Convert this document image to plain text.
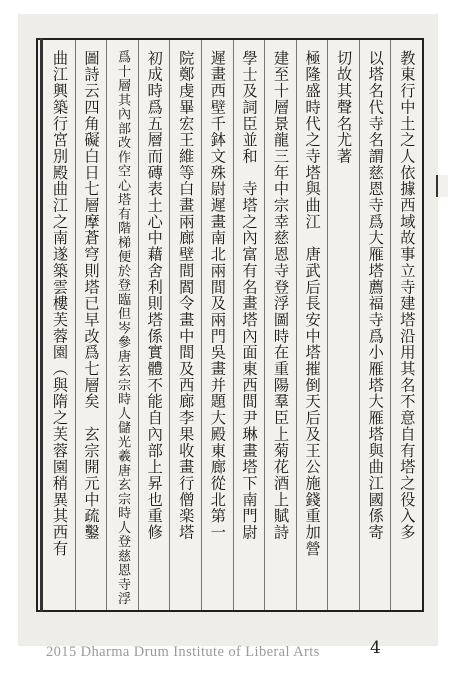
教東行中土之人依據西域故事立寺建塔沿用其名不意自有塔之役入多
以塔名代寺名謂慈恩寺爲大雁塔薦福寺爲小雁塔大雁塔與曲江國係寄
切故其聲名尤著
極隆盛時代之寺塔與曲江　唐武后長安中塔摧倒天后及王公施錢重加營
建至十層景龍三年中宗幸慈恩寺登浮圖時在重陽羣臣上菊花酒上賦詩
學士及詞臣並和　寺塔之內富有名畫塔內面東西間尹琳畫塔下南門尉
遲畫西壁千鉢文殊尉遲畫南北兩間及兩門吳畫并題大殿東廊從北第一
院鄭虔畢宏王維等白畫兩廊壁間閻令畫中間及西廊李果收畫行僧楽塔
初成時爲五層而磚表土心中藉舍利則塔係實體不能自內部上昇也重修
爲十層其內部改作空心塔有階梯便於登臨但岑參唐玄宗時人儲光羲唐玄宗時人登慈恩寺浮
圖詩云四角礙白日七層摩蒼穹則塔已早改爲七層矣　玄宗開元中疏鑿
曲江興築行宮別殿曲江之南遂築雲樓芙蓉園（與隋之芙蓉園稍異其西有
4
2015 Dharma Drum Institute of Liberal Arts
